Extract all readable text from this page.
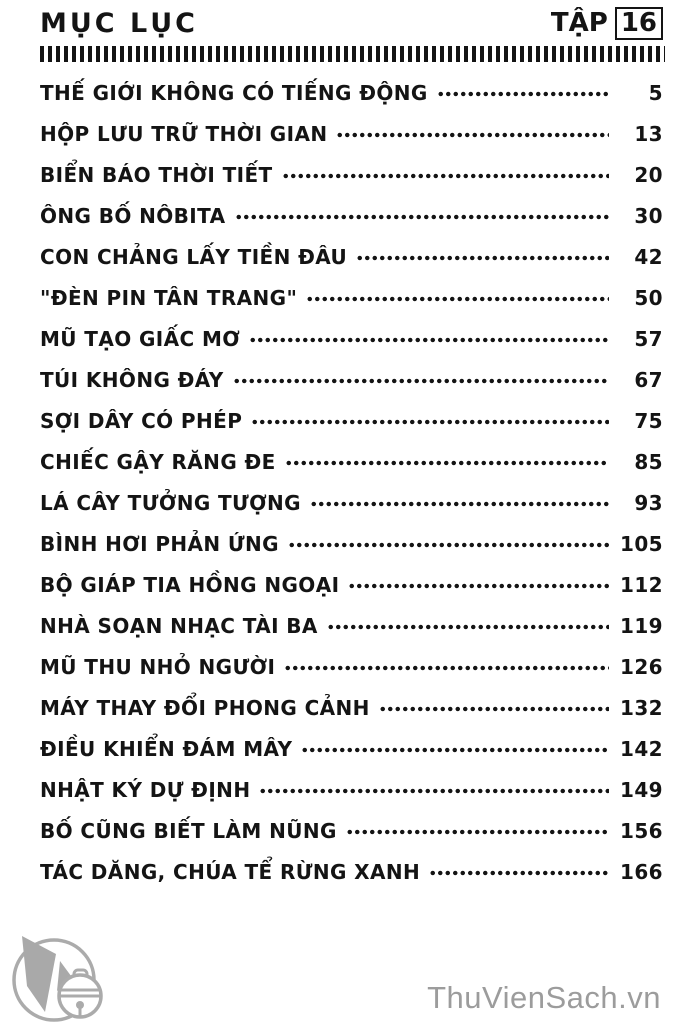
MỤC LỤC	TẬP 16
THẾ GIỚI KHÔNG CÓ TIẾNG ĐỘNG	5
HỘP LƯU TRỮ THỜI GIAN	13
BIỂN BÁO THỜI TIẾT	20
ÔNG BỐ NÔBITA	30
CON CHẢNG LẤY TIỀN ĐÂU	42
"ĐÈN PIN TÂN TRANG"	50
MŨ TẠO GIẤC MƠ	57
TÚI KHÔNG ĐÁY	67
SỢI DÂY CÓ PHÉP	75
CHIẾC GẬY RĂNG ĐE	85
LÁ CÂY TƯỞNG TƯỢNG	93
BÌNH HƠI PHẢN ỨNG	105
BỘ GIÁP TIA HỒNG NGOẠI	112
NHÀ SOẠN NHẠC TÀI BA	119
MŨ THU NHỎ NGƯỜI	126
MÁY THAY ĐỔI PHONG CẢNH	132
ĐIỀU KHIỂN ĐÁM MÂY	142
NHẬT KÝ DỰ ĐỊNH	149
BỐ CŨNG BIẾT LÀM NŨNG	156
TÁC DĂNG, CHÚA TỂ RỪNG XANH	166
ThuVienSach.vn
